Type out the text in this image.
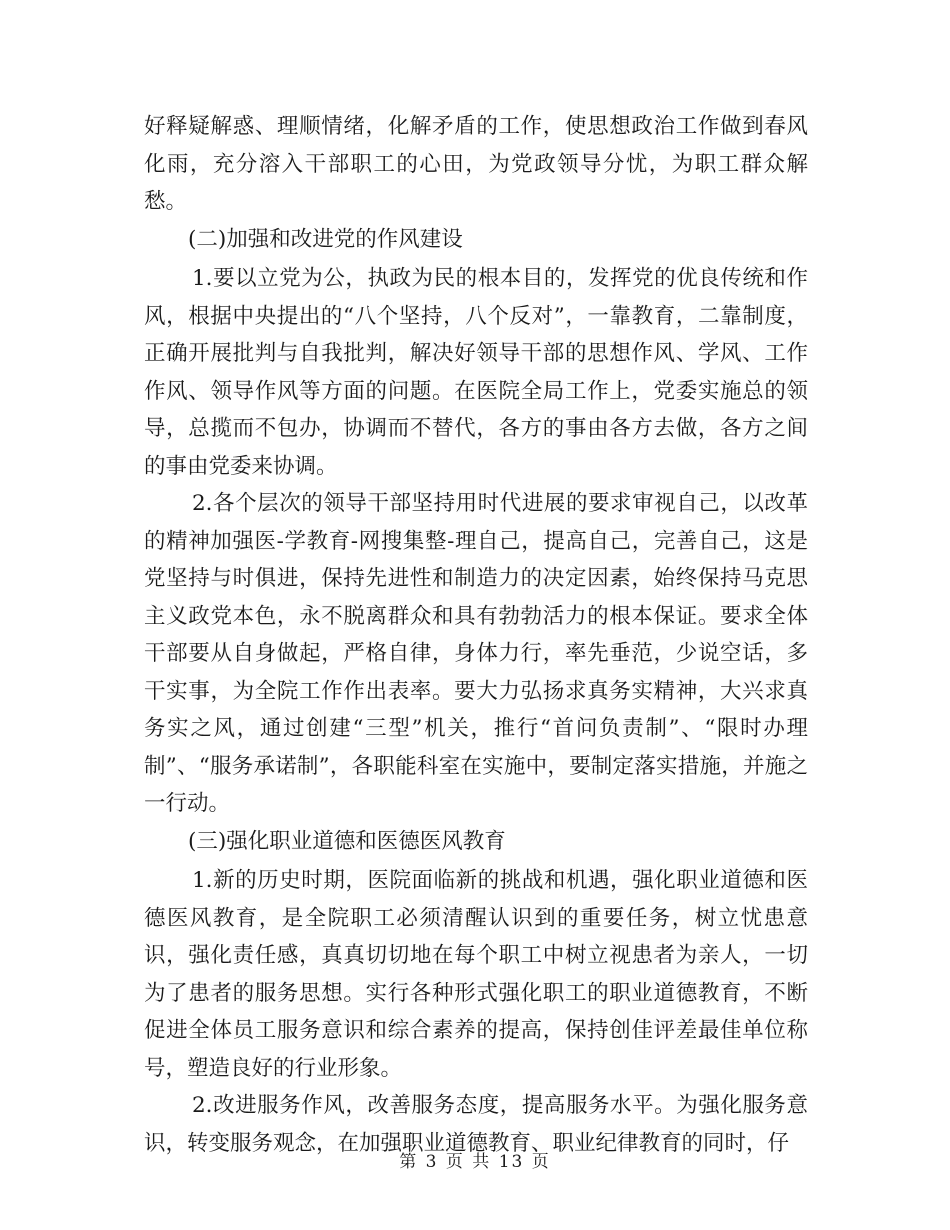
好释疑解惑、理顺情绪，化解矛盾的工作，使思想政治工作做到春风化雨，充分溶入干部职工的心田，为党政领导分忧，为职工群众解愁。

(二)加强和改进党的作风建设

1.要以立党为公，执政为民的根本目的，发挥党的优良传统和作风，根据中央提出的“八个坚持，八个反对”，一靠教育，二靠制度，正确开展批判与自我批判，解决好领导干部的思想作风、学风、工作作风、领导作风等方面的问题。在医院全局工作上，党委实施总的领导，总揽而不包办，协调而不替代，各方的事由各方去做，各方之间的事由党委来协调。

2.各个层次的领导干部坚持用时代进展的要求审视自己，以改革的精神加强医-学教育-网搜集整-理自己，提高自己，完善自己，这是党坚持与时俱进，保持先进性和制造力的决定因素，始终保持马克思主义政党本色，永不脱离群众和具有勃勃活力的根本保证。要求全体干部要从自身做起，严格自律，身体力行，率先垂范，少说空话，多干实事，为全院工作作出表率。要大力弘扬求真务实精神，大兴求真务实之风，通过创建“三型”机关，推行“首问负责制”、“限时办理制”、“服务承诺制”，各职能科室在实施中，要制定落实措施，并施之一行动。

(三)强化职业道德和医德医风教育

1.新的历史时期，医院面临新的挑战和机遇，强化职业道德和医德医风教育，是全院职工必须清醒认识到的重要任务，树立忧患意识，强化责任感，真真切切地在每个职工中树立视患者为亲人，一切为了患者的服务思想。实行各种形式强化职工的职业道德教育，不断促进全体员工服务意识和综合素养的提高，保持创佳评差最佳单位称号，塑造良好的行业形象。

2.改进服务作风，改善服务态度，提高服务水平。为强化服务意识，转变服务观念，在加强职业道德教育、职业纪律教育的同时，仔

第 3 页 共 13 页
